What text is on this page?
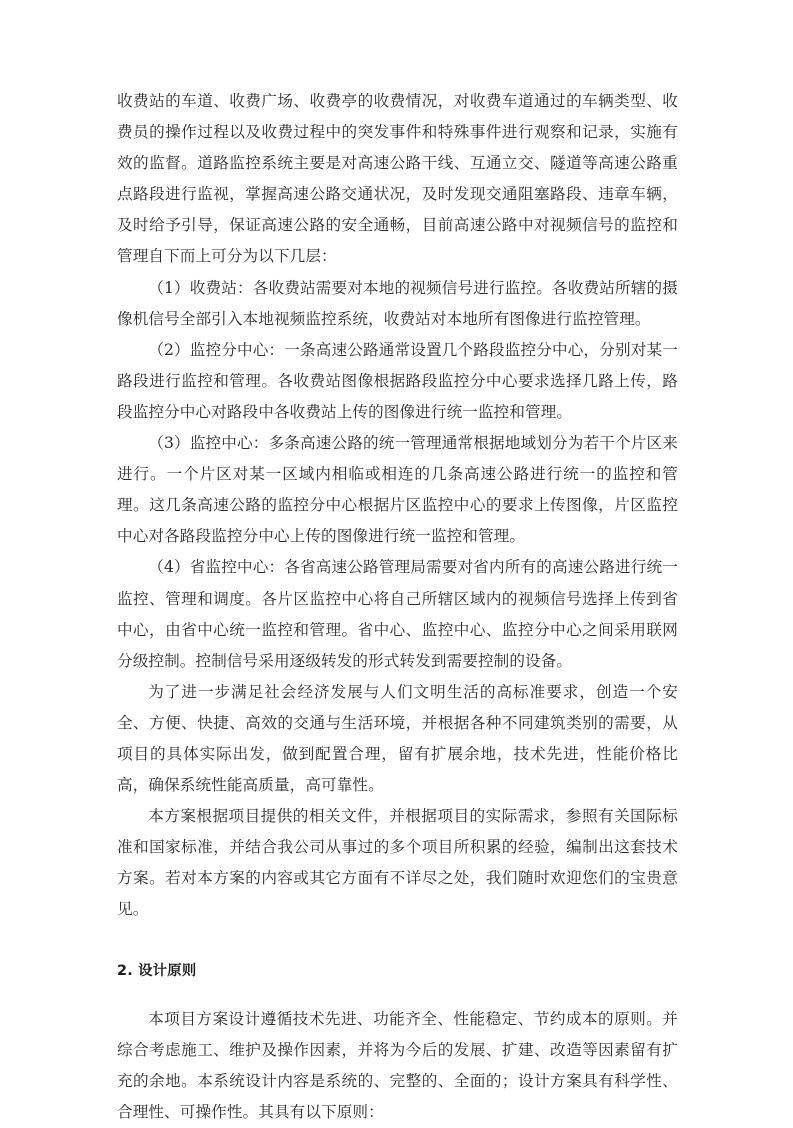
收费站的车道、收费广场、收费亭的收费情况，对收费车道通过的车辆类型、收费员的操作过程以及收费过程中的突发事件和特殊事件进行观察和记录，实施有效的监督。道路监控系统主要是对高速公路干线、互通立交、隧道等高速公路重点路段进行监视，掌握高速公路交通状况，及时发现交通阻塞路段、违章车辆，及时给予引导，保证高速公路的安全通畅，目前高速公路中对视频信号的监控和管理自下而上可分为以下几层：

（1）收费站：各收费站需要对本地的视频信号进行监控。各收费站所辖的摄像机信号全部引入本地视频监控系统，收费站对本地所有图像进行监控管理。

（2）监控分中心：一条高速公路通常设置几个路段监控分中心，分别对某一路段进行监控和管理。各收费站图像根据路段监控分中心要求选择几路上传，路段监控分中心对路段中各收费站上传的图像进行统一监控和管理。

（3）监控中心：多条高速公路的统一管理通常根据地域划分为若干个片区来进行。一个片区对某一区域内相临或相连的几条高速公路进行统一的监控和管理。这几条高速公路的监控分中心根据片区监控中心的要求上传图像，片区监控中心对各路段监控分中心上传的图像进行统一监控和管理。

（4）省监控中心：各省高速公路管理局需要对省内所有的高速公路进行统一监控、管理和调度。各片区监控中心将自己所辖区域内的视频信号选择上传到省中心，由省中心统一监控和管理。省中心、监控中心、监控分中心之间采用联网分级控制。控制信号采用逐级转发的形式转发到需要控制的设备。

为了进一步满足社会经济发展与人们文明生活的高标准要求，创造一个安全、方便、快捷、高效的交通与生活环境，并根据各种不同建筑类别的需要，从项目的具体实际出发，做到配置合理，留有扩展余地，技术先进，性能价格比高，确保系统性能高质量，高可靠性。

本方案根据项目提供的相关文件，并根据项目的实际需求，参照有关国际标准和国家标准，并结合我公司从事过的多个项目所积累的经验，编制出这套技术方案。若对本方案的内容或其它方面有不详尽之处，我们随时欢迎您们的宝贵意见。

2. 设计原则

本项目方案设计遵循技术先进、功能齐全、性能稳定、节约成本的原则。并综合考虑施工、维护及操作因素，并将为今后的发展、扩建、改造等因素留有扩充的余地。本系统设计内容是系统的、完整的、全面的；设计方案具有科学性、合理性、可操作性。其具有以下原则：
